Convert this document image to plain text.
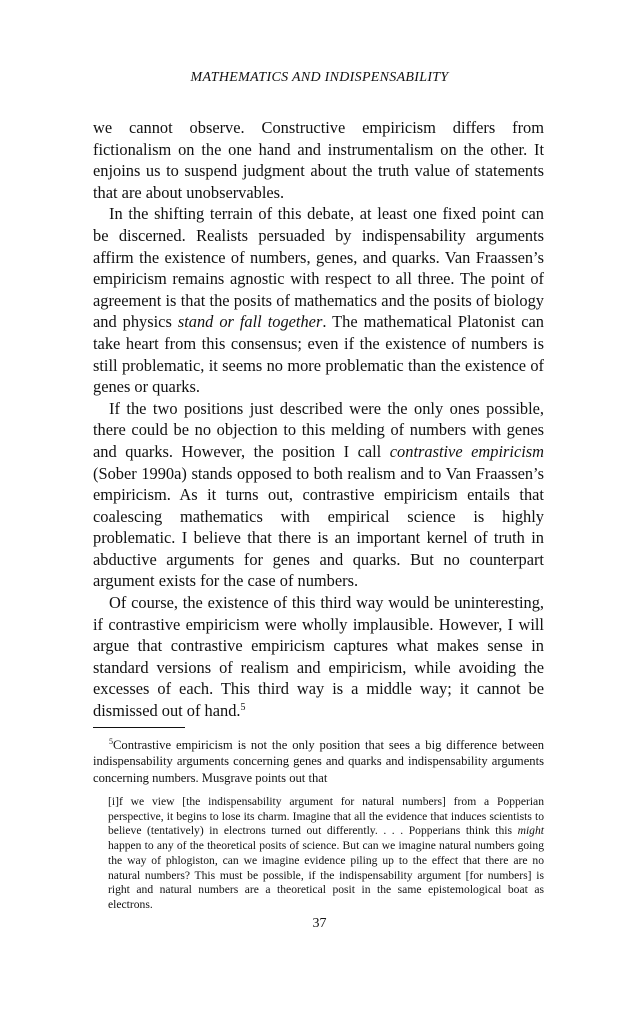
MATHEMATICS AND INDISPENSABILITY

we cannot observe. Constructive empiricism differs from fictionalism on the one hand and instrumentalism on the other. It enjoins us to suspend judgment about the truth value of statements that are about unobservables.

In the shifting terrain of this debate, at least one fixed point can be discerned. Realists persuaded by indispensability arguments affirm the existence of numbers, genes, and quarks. Van Fraassen’s empiricism remains agnostic with respect to all three. The point of agreement is that the posits of mathematics and the posits of biology and physics stand or fall together. The mathematical Platonist can take heart from this consensus; even if the existence of numbers is still problematic, it seems no more problematic than the existence of genes or quarks.

If the two positions just described were the only ones possible, there could be no objection to this melding of numbers with genes and quarks. However, the position I call contrastive empiricism (Sober 1990a) stands opposed to both realism and to Van Fraassen’s empiricism. As it turns out, contrastive empiricism entails that coalescing mathematics with empirical science is highly problematic. I believe that there is an important kernel of truth in abductive arguments for genes and quarks. But no counterpart argument exists for the case of numbers.

Of course, the existence of this third way would be uninteresting, if contrastive empiricism were wholly implausible. However, I will argue that contrastive empiricism captures what makes sense in standard versions of realism and empiricism, while avoiding the excesses of each. This third way is a middle way; it cannot be dismissed out of hand.$^5$

$^5$Contrastive empiricism is not the only position that sees a big difference between indispensability arguments concerning genes and quarks and indispensability arguments concerning numbers. Musgrave points out that

[i]f we view [the indispensability argument for natural numbers] from a Popperian perspective, it begins to lose its charm. Imagine that all the evidence that induces scientists to believe (tentatively) in electrons turned out differently. . . . Popperians think this might happen to any of the theoretical posits of science. But can we imagine natural numbers going the way of phlogiston, can we imagine evidence piling up to the effect that there are no natural numbers? This must be possible, if the indispensability argument [for numbers] is right and natural numbers are a theoretical posit in the same epistemological boat as electrons.

37
